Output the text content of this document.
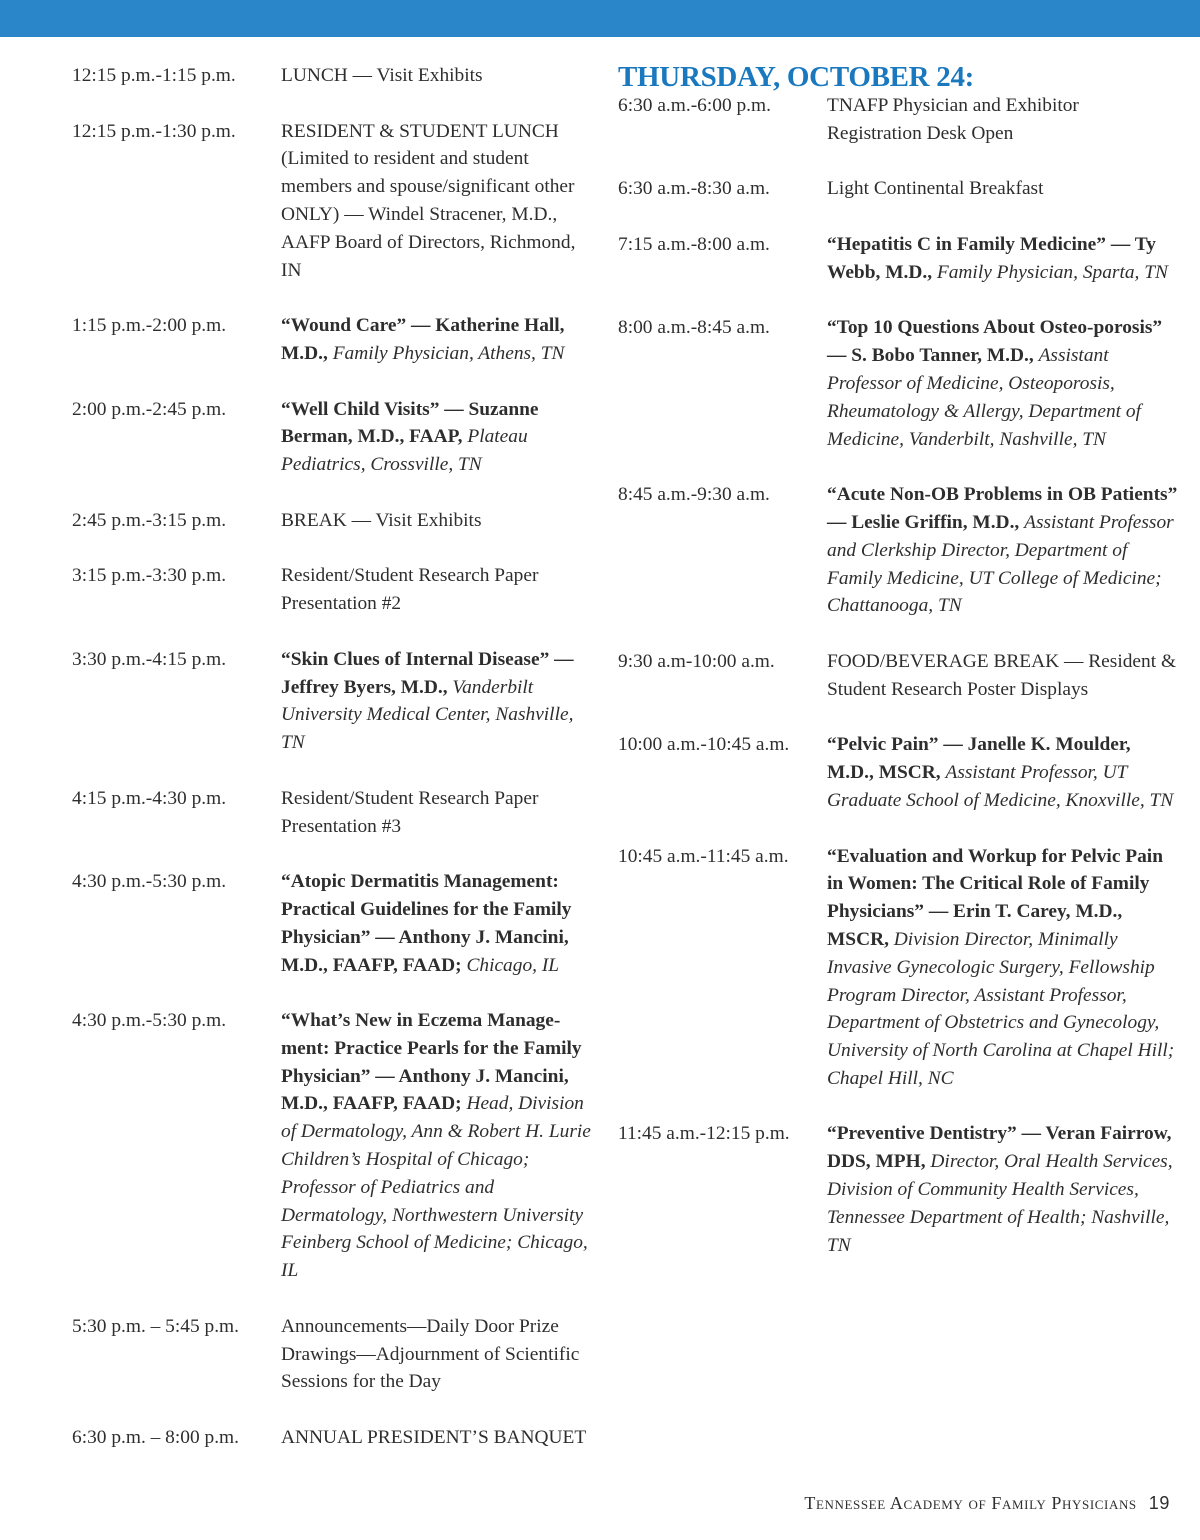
12:15 p.m.-1:15 p.m.	LUNCH — Visit Exhibits
12:15 p.m.-1:30 p.m.	RESIDENT & STUDENT LUNCH (Limited to resident and student members and spouse/significant other ONLY) — Windel Stracener, M.D., AAFP Board of Directors, Richmond, IN
1:15 p.m.-2:00 p.m.	“Wound Care” — Katherine Hall, M.D., Family Physician, Athens, TN
2:00 p.m.-2:45 p.m.	“Well Child Visits” — Suzanne Berman, M.D., FAAP, Plateau Pediatrics, Crossville, TN
2:45 p.m.-3:15 p.m.	BREAK — Visit Exhibits
3:15 p.m.-3:30 p.m.	Resident/Student Research Paper Presentation #2
3:30 p.m.-4:15 p.m.	“Skin Clues of Internal Disease” — Jeffrey Byers, M.D., Vanderbilt University Medical Center, Nashville, TN
4:15 p.m.-4:30 p.m.	Resident/Student Research Paper Presentation #3
4:30 p.m.-5:30 p.m.	“Atopic Dermatitis Management: Practical Guidelines for the Family Physician” — Anthony J. Mancini, M.D., FAAFP, FAAD; Chicago, IL
4:30 p.m.-5:30 p.m.	“What’s New in Eczema Manage-ment: Practice Pearls for the Family Physician” — Anthony J. Mancini, M.D., FAAFP, FAAD; Head, Division of Dermatology, Ann & Robert H. Lurie Children’s Hospital of Chicago; Professor of Pediatrics and Dermatology, Northwestern University Feinberg School of Medicine; Chicago, IL
5:30 p.m. – 5:45 p.m.	Announcements—Daily Door Prize Drawings—Adjournment of Scientific Sessions for the Day
6:30 p.m. – 8:00 p.m.	ANNUAL PRESIDENT’S BANQUET
THURSDAY, OCTOBER 24:
6:30 a.m.-6:00 p.m.	TNAFP Physician and Exhibitor Registration Desk Open
6:30 a.m.-8:30 a.m.	Light Continental Breakfast
7:15 a.m.-8:00 a.m.	“Hepatitis C in Family Medicine” — Ty Webb, M.D., Family Physician, Sparta, TN
8:00 a.m.-8:45 a.m.	“Top 10 Questions About Osteo-porosis” — S. Bobo Tanner, M.D., Assistant Professor of Medicine, Osteoporosis, Rheumatology & Allergy, Department of Medicine, Vanderbilt, Nashville, TN
8:45 a.m.-9:30 a.m.	“Acute Non-OB Problems in OB Patients” — Leslie Griffin, M.D., Assistant Professor and Clerkship Director, Department of Family Medicine, UT College of Medicine; Chattanooga, TN
9:30 a.m-10:00 a.m.	FOOD/BEVERAGE BREAK — Resident & Student Research Poster Displays
10:00 a.m.-10:45 a.m.	“Pelvic Pain” — Janelle K. Moulder, M.D., MSCR, Assistant Professor, UT Graduate School of Medicine, Knoxville, TN
10:45 a.m.-11:45 a.m.	“Evaluation and Workup for Pelvic Pain in Women: The Critical Role of Family Physicians” — Erin T. Carey, M.D., MSCR, Division Director, Minimally Invasive Gynecologic Surgery, Fellowship Program Director, Assistant Professor, Department of Obstetrics and Gynecology, University of North Carolina at Chapel Hill; Chapel Hill, NC
11:45 a.m.-12:15 p.m.	“Preventive Dentistry” — Veran Fairrow, DDS, MPH, Director, Oral Health Services, Division of Community Health Services, Tennessee Department of Health; Nashville, TN
Tennessee Academy of Family Physicians 19
